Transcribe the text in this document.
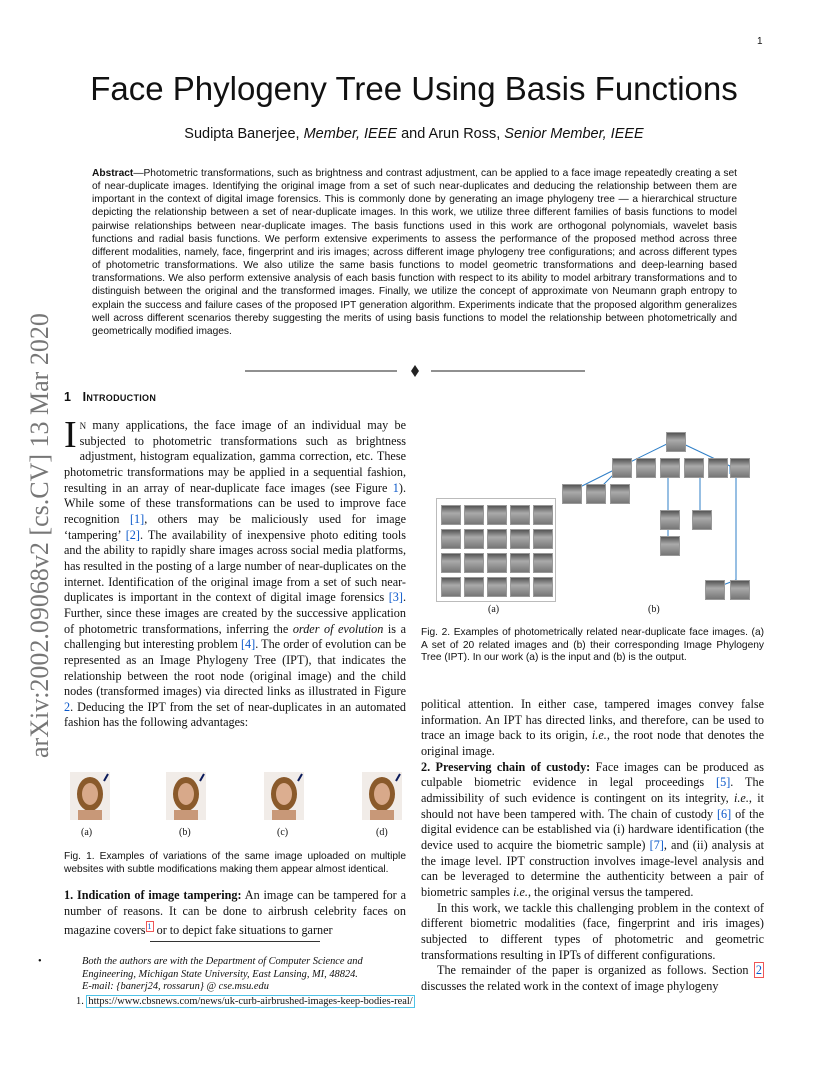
1
arXiv:2002.09068v2 [cs.CV] 13 Mar 2020
Face Phylogeny Tree Using Basis Functions
Sudipta Banerjee, Member, IEEE and Arun Ross, Senior Member, IEEE
Abstract—Photometric transformations, such as brightness and contrast adjustment, can be applied to a face image repeatedly creating a set of near-duplicate images. Identifying the original image from a set of such near-duplicates and deducing the relationship between them are important in the context of digital image forensics. This is commonly done by generating an image phylogeny tree — a hierarchical structure depicting the relationship between a set of near-duplicate images. In this work, we utilize three different families of basis functions to model pairwise relationships between near-duplicate images. The basis functions used in this work are orthogonal polynomials, wavelet basis functions and radial basis functions. We perform extensive experiments to assess the performance of the proposed method across three different modalities, namely, face, fingerprint and iris images; across different image phylogeny tree configurations; and across different types of photometric transformations. We also utilize the same basis functions to model geometric transformations and deep-learning based transformations. We also perform extensive analysis of each basis function with respect to its ability to model arbitrary transformations and to distinguish between the original and the transformed images. Finally, we utilize the concept of approximate von Neumann graph entropy to explain the success and failure cases of the proposed IPT generation algorithm. Experiments indicate that the proposed algorithm generalizes well across different scenarios thereby suggesting the merits of using basis functions to model the relationship between photometrically and geometrically modified images.
1 Introduction
In many applications, the face image of an individual may be subjected to photometric transformations such as brightness adjustment, histogram equalization, gamma correction, etc. These photometric transformations may be applied in a sequential fashion, resulting in an array of near-duplicate face images (see Figure 1). While some of these transformations can be used to improve face recognition [1], others may be maliciously used for image ‘tampering’ [2]. The availability of inexpensive photo editing tools and the ability to rapidly share images across social media platforms, has resulted in the posting of a large number of near-duplicates on the internet. Identification of the original image from a set of such near-duplicates is important in the context of digital image forensics [3]. Further, since these images are created by the successive application of photometric transformations, inferring the order of evolution is a challenging but interesting problem [4]. The order of evolution can be represented as an Image Phylogeny Tree (IPT), that indicates the relationship between the root node (original image) and the child nodes (transformed images) via directed links as illustrated in Figure 2. Deducing the IPT from the set of near-duplicates in an automated fashion has the following advantages:
(a)	(b)	(c)	(d)
Fig. 1. Examples of variations of the same image uploaded on multiple websites with subtle modifications making them appear almost identical.
1. Indication of image tampering: An image can be tampered for a number of reasons. It can be done to airbrush celebrity faces on magazine covers $^1$ or to depict fake situations to garner
•	Both the authors are with the Department of Computer Science and Engineering, Michigan State University, East Lansing, MI, 48824.
E-mail: {banerj24, rossarun} @ cse.msu.edu
1. https://www.cbsnews.com/news/uk-curb-airbrushed-images-keep-bodies-real/
(a)	(b)
Fig. 2. Examples of photometrically related near-duplicate face images. (a) A set of 20 related images and (b) their corresponding Image Phylogeny Tree (IPT). In our work (a) is the input and (b) is the output.
political attention. In either case, tampered images convey false information. An IPT has directed links, and therefore, can be used to trace an image back to its origin, i.e., the root node that denotes the original image.
2. Preserving chain of custody: Face images can be produced as culpable biometric evidence in legal proceedings [5]. The admissibility of such evidence is contingent on its integrity, i.e., it should not have been tampered with. The chain of custody [6] of the digital evidence can be established via (i) hardware identification (the device used to acquire the biometric sample) [7], and (ii) analysis at the image level. IPT construction involves image-level analysis and can be leveraged to determine the authenticity between a pair of biometric samples i.e., the original versus the tampered.
In this work, we tackle this challenging problem in the context of different biometric modalities (face, fingerprint and iris images) subjected to different types of photometric and geometric transformations resulting in IPTs of different configurations.
The remainder of the paper is organized as follows. Section 2 discusses the related work in the context of image phylogeny
